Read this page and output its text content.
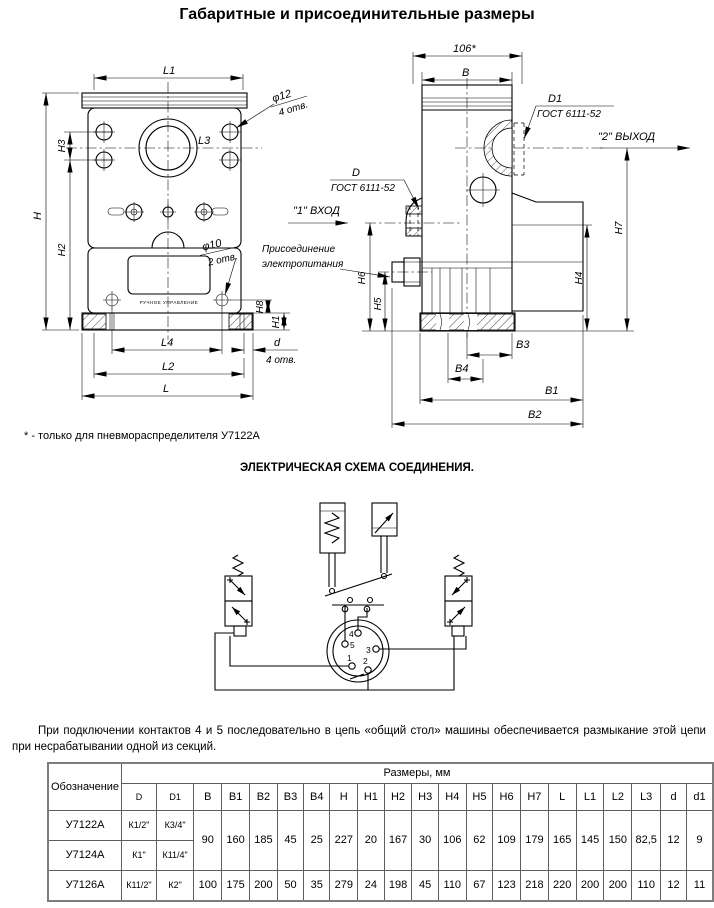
Габаритные и присоединительные размеры
РУЧНОЕ УПРАВЛЕНИЕ
L1
H
H3
H2
L3
φ12
4 отв.
φ10
2 отв.
H8
H1
L4	d
4 отв.
L2
L
106*
B
D1
ГОСТ 6111-52
"2" ВЫХОД
D
ГОСТ 6111-52
"1" ВХОД
Присоединение
электропитания
H6
H5
H7
H4
B3
B4
B1
B2
* - только для пневмораспределителя У7122А
ЭЛЕКТРИЧЕСКАЯ СХЕМА СОЕДИНЕНИЯ.
5
4
3
1 2

При подключении контактов 4 и 5 последовательно в цепь «общий стол» машины обеспечивается размыкание этой цепи при несрабатывании одной из секций.

Обозначение	Размеры, мм																				
	D	D1	B	B1	B2	B3	B4	H	H1	H2	H3	H4	H5	H6	H7	L	L1	L2	L3	d	d1
У7122А	К1/2"	К3/4"	90	160	185	45	25	227	20	167	30	106	62	109	179	165	145	150	82,5	12	9
У7124А	К1"	К11/4"																			
У7126А	К11/2"	К2"	100	175	200	50	35	279	24	198	45	110	67	123	218	220	200	200	110	12	11
